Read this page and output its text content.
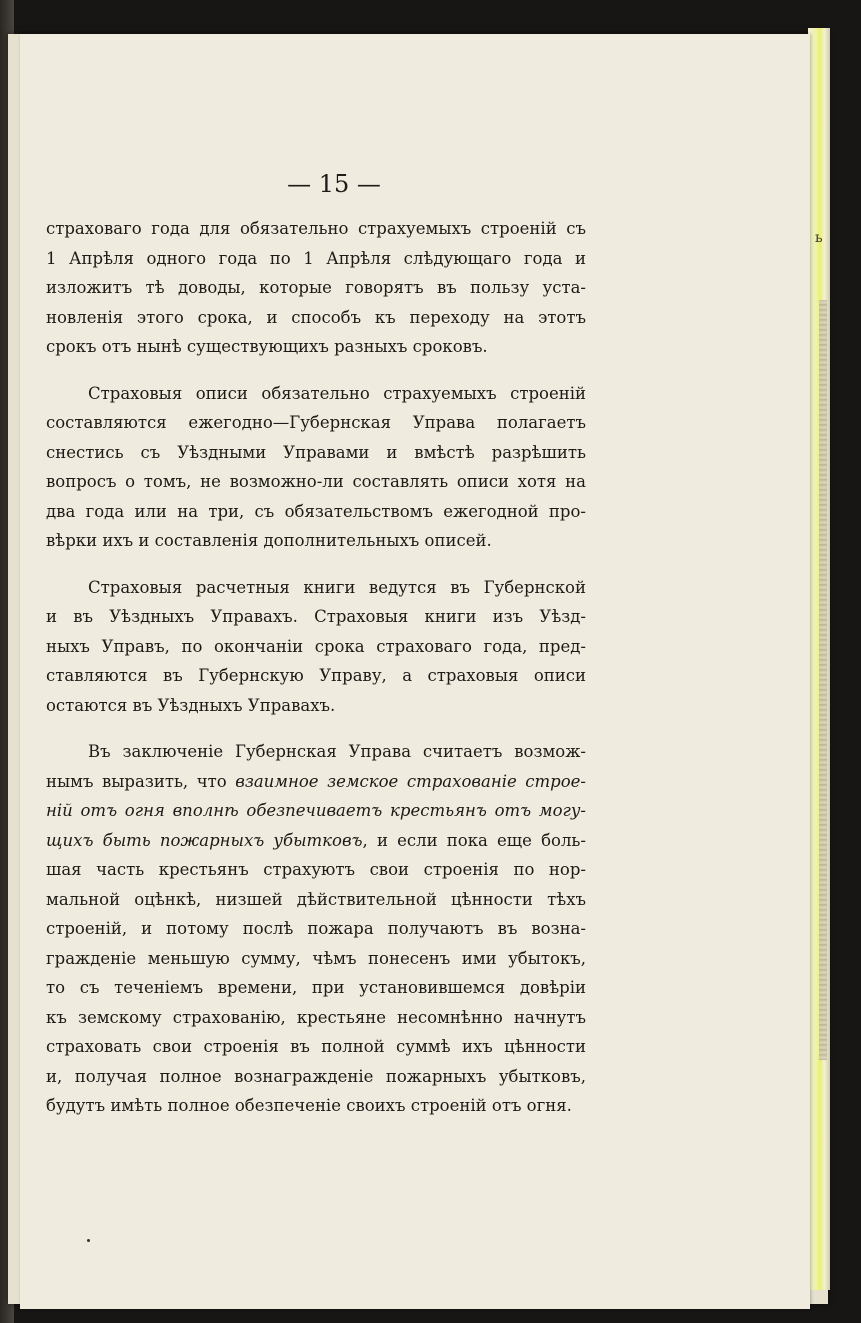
ь
— 15 —
страховаго года для обязательно страхуемыхъ строеній съ
1 Апрѣля одного года по 1 Апрѣля слѣдующаго года и
изложитъ тѣ доводы, которые говорятъ въ пользу уста-
новленія этого срока, и способъ къ переходу на этотъ
срокъ отъ нынѣ существующихъ разныхъ сроковъ.
Страховыя описи обязательно страхуемыхъ строеній
составляются ежегодно—Губернская Управа полагаетъ
снестись съ Уѣздными Управами и вмѣстѣ разрѣшить
вопросъ о томъ, не возможно-ли составлять описи хотя на
два года или на три, съ обязательствомъ ежегодной про-
вѣрки ихъ и составленія дополнительныхъ описей.
Страховыя расчетныя книги ведутся въ Губернской
и въ Уѣздныхъ Управахъ. Страховыя книги изъ Уѣзд-
ныхъ Управъ, по окончаніи срока страховаго года, пред-
ставляются въ Губернскую Управу, а страховыя описи
остаются въ Уѣздныхъ Управахъ.
Въ заключеніе Губернская Управа считаетъ возмож-
нымъ выразить, что взаимное земское страхованіе строе-
ній отъ огня вполнѣ обезпечиваетъ крестьянъ отъ могу-
щихъ быть пожарныхъ убытковъ, и если пока еще боль-
шая часть крестьянъ страхуютъ свои строенія по нор-
мальной оцѣнкѣ, низшей дѣйствительной цѣнности тѣхъ
строеній, и потому послѣ пожара получаютъ въ возна-
гражденіе меньшую сумму, чѣмъ понесенъ ими убытокъ,
то съ теченіемъ времени, при установившемся довѣріи
къ земскому страхованію, крестьяне несомнѣнно начнутъ
страховать свои строенія въ полной суммѣ ихъ цѣнности
и, получая полное вознагражденіе пожарныхъ убытковъ,
будутъ имѣть полное обезпеченіе своихъ строеній отъ огня.
